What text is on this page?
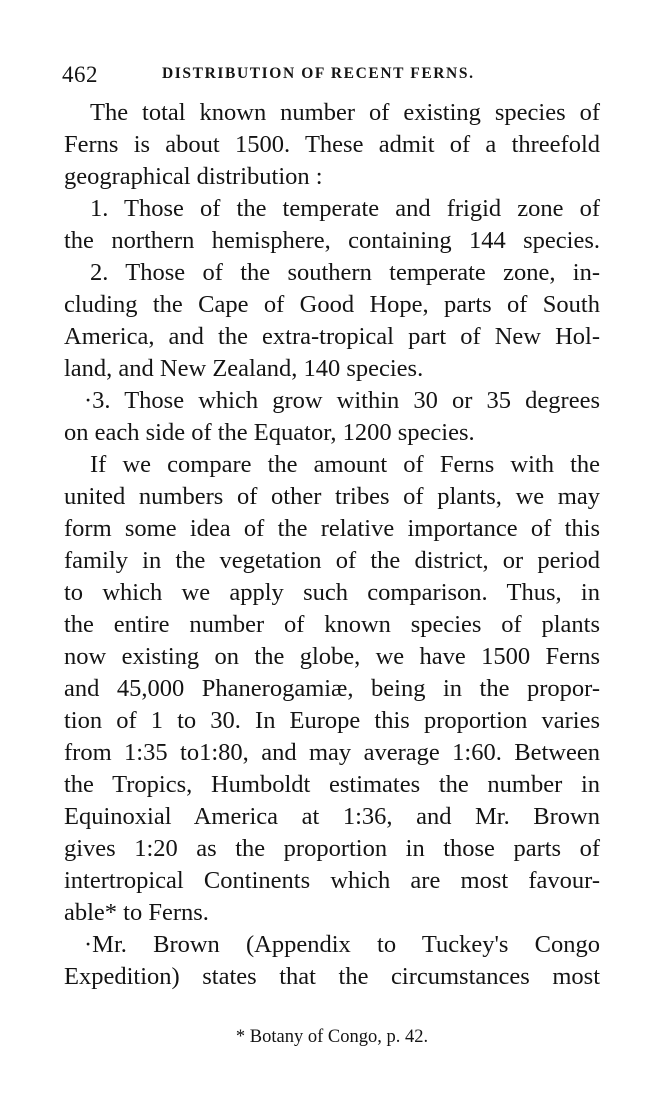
462	DISTRIBUTION OF RECENT FERNS.
The total known number of existing species of
Ferns is about 1500. These admit of a threefold
geographical distribution :
1. Those of the temperate and frigid zone of
the northern hemisphere, containing 144 species.
2. Those of the southern temperate zone, in-
cluding the Cape of Good Hope, parts of South
America, and the extra-tropical part of New Hol-
land, and New Zealand, 140 species.
·3. Those which grow within 30 or 35 degrees
on each side of the Equator, 1200 species.
If we compare the amount of Ferns with the
united numbers of other tribes of plants, we may
form some idea of the relative importance of this
family in the vegetation of the district, or period
to which we apply such comparison. Thus, in
the entire number of known species of plants
now existing on the globe, we have 1500 Ferns
and 45,000 Phanerogamiæ, being in the propor-
tion of 1 to 30. In Europe this proportion varies
from 1:35 to1:80, and may average 1:60. Between
the Tropics, Humboldt estimates the number in
Equinoxial America at 1:36, and Mr. Brown
gives 1:20 as the proportion in those parts of
intertropical Continents which are most favour-
able* to Ferns.
·Mr. Brown (Appendix to Tuckey's Congo
Expedition) states that the circumstances most
* Botany of Congo, p. 42.
